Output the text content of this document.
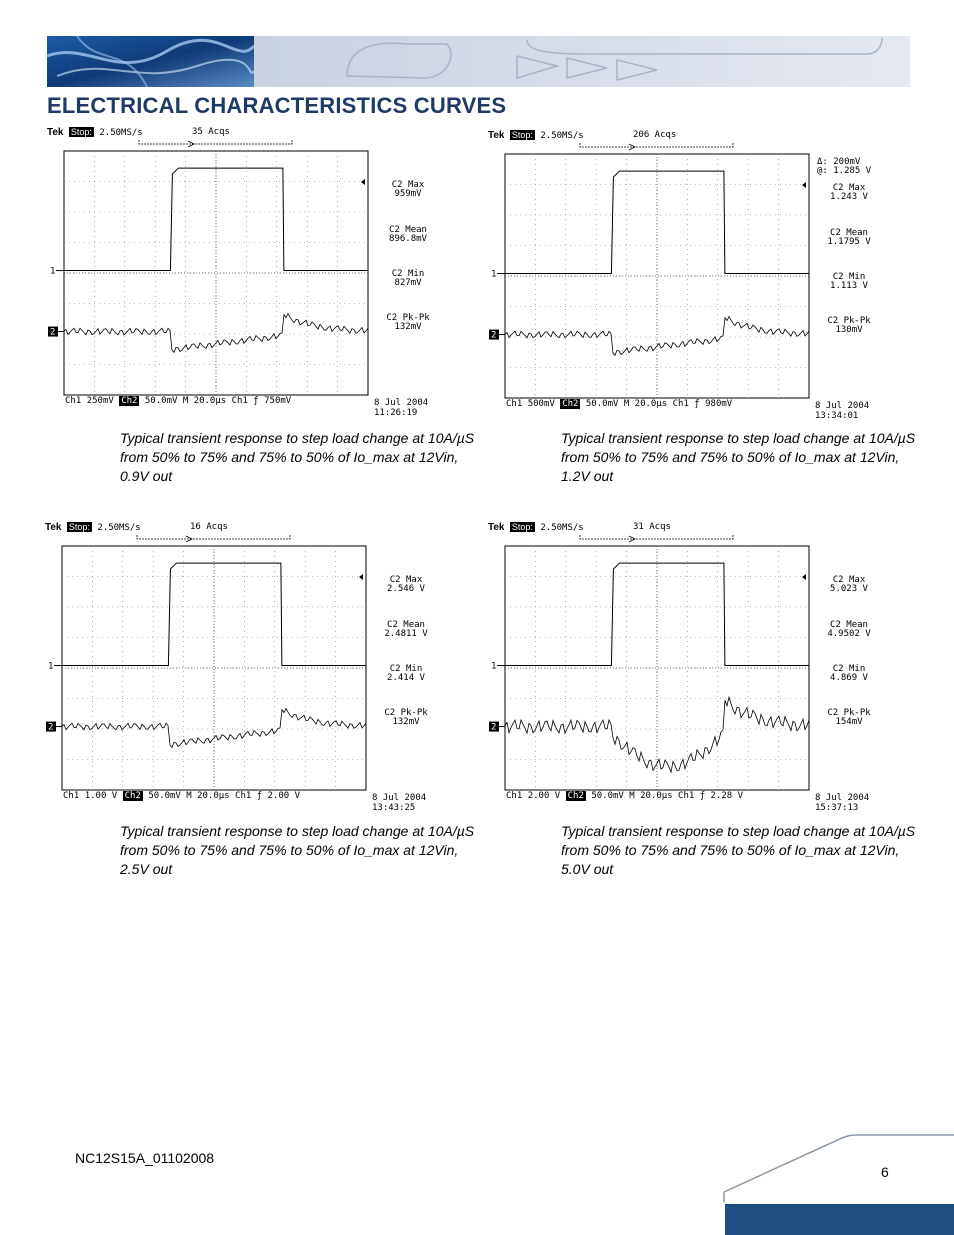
ELECTRICAL CHARACTERISTICS CURVES
Tek Stop: 2.50MS/s	35 Acqs
1
2
C2 Max
959mV
C2 Mean
896.8mV
C2 Min
827mV
C2 Pk-Pk
132mV
Ch1 250mV Ch2 50.0mV M 20.0µs Ch1 ƒ 750mV	8 Jul 2004
11:26:19
Tek Stop: 2.50MS/s	206 Acqs
1
2
Δ: 200mV
@: 1.285 V
C2 Max
1.243 V
C2 Mean
1.1795 V
C2 Min
1.113 V
C2 Pk-Pk
130mV
Ch1 500mV Ch2 50.0mV M 20.0µs Ch1 ƒ 980mV	8 Jul 2004
13:34:01
Tek Stop: 2.50MS/s	16 Acqs
1
2
C2 Max
2.546 V
C2 Mean
2.4811 V
C2 Min
2.414 V
C2 Pk-Pk
132mV
Ch1 1.00 V Ch2 50.0mV M 20.0µs Ch1 ƒ 2.00 V	8 Jul 2004
13:43:25
Tek Stop: 2.50MS/s	31 Acqs
1
2
C2 Max
5.023 V
C2 Mean
4.9502 V
C2 Min
4.869 V
C2 Pk-Pk
154mV
Ch1 2.00 V Ch2 50.0mV M 20.0µs Ch1 ƒ 2.28 V	8 Jul 2004
15:37:13
Typical transient response to step load change at 10A/µS from 50% to 75% and 75% to 50% of Io_max at 12Vin, 0.9V out
Typical transient response to step load change at 10A/µS from 50% to 75% and 75% to 50% of Io_max at 12Vin, 1.2V out
Typical transient response to step load change at 10A/µS from 50% to 75% and 75% to 50% of Io_max at 12Vin, 2.5V out
Typical transient response to step load change at 10A/µS from 50% to 75% and 75% to 50% of Io_max at 12Vin, 5.0V out
NC12S15A_01102008
6
